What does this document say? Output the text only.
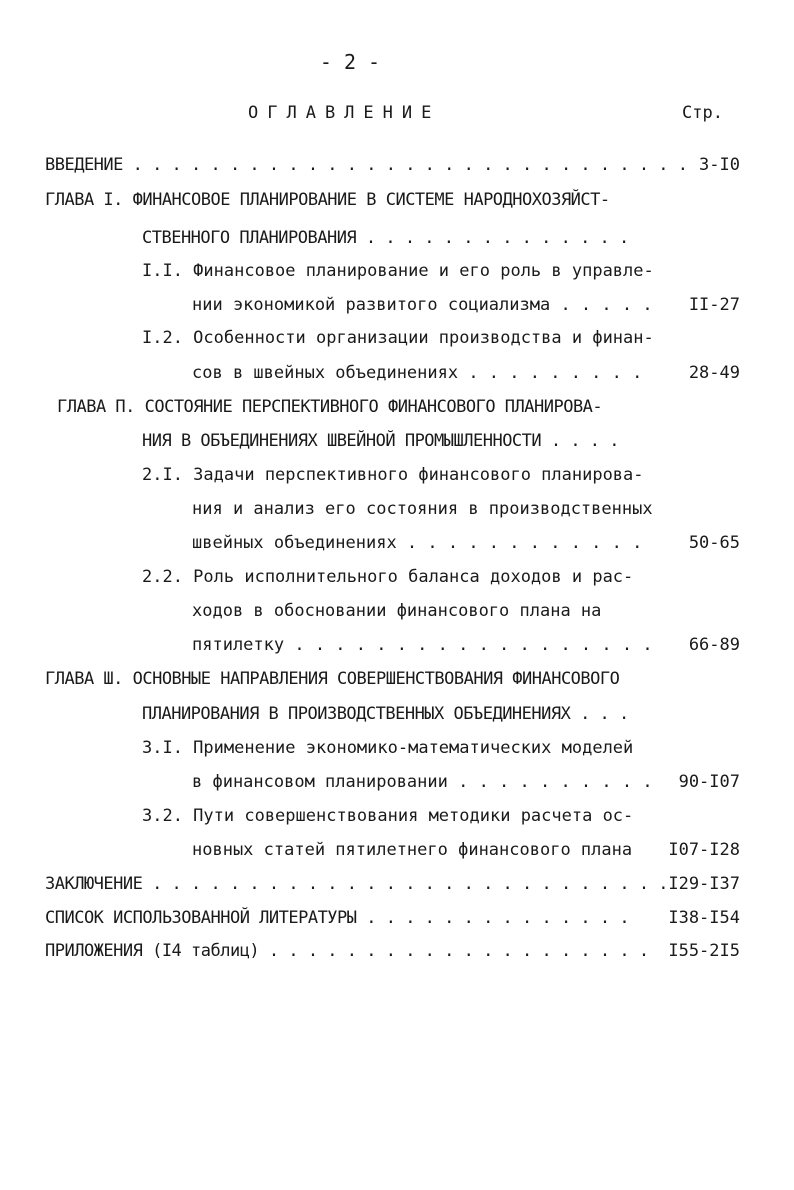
- 2 -
ОГЛАВЛЕНИЕ	Стр.
ВВЕДЕНИЕ . . . . . . . . . . . . . . . . . . . . . . . . . . . . . 3-I0
ГЛАВА I. ФИНАНСОВОЕ ПЛАНИРОВАНИЕ В СИСТЕМЕ НАРОДНОХОЗЯЙСТ-
СТВЕННОГО ПЛАНИРОВАНИЯ . . . . . . . . . . . . . .
I.I. Финансовое планирование и его роль в управле-
нии экономикой развитого социализма . . . . . II-27
I.2. Особенности организации производства и финан-
сов в швейных объединениях . . . . . . . . .	28-49
ГЛАВА П. СОСТОЯНИЕ ПЕРСПЕКТИВНОГО ФИНАНСОВОГО ПЛАНИРОВА-
НИЯ В ОБЪЕДИНЕНИЯХ ШВЕЙНОЙ ПРОМЫШЛЕННОСТИ . . . .
2.I. Задачи перспективного финансового планирова-
ния и анализ его состояния в производственных
швейных объединениях . . . . . . . . . . . .	50-65
2.2. Роль исполнительного баланса доходов и рас-
ходов в обосновании финансового плана на
пятилетку . . . . . . . . . . . . . . . . . . 66-89
ГЛАВА Ш. ОСНОВНЫЕ НАПРАВЛЕНИЯ СОВЕРШЕНСТВОВАНИЯ ФИНАНСОВОГО
ПЛАНИРОВАНИЯ В ПРОИЗВОДСТВЕННЫХ ОБЪЕДИНЕНИЯХ . . .
3.I. Применение экономико-математических моделей
в финансовом планировании . . . . . . . . . . 90-I07
3.2. Пути совершенствования методики расчета ос-
новных статей пятилетнего финансового плана I07-I28
ЗАКЛЮЧЕНИЕ . . . . . . . . . . . . . . . . . . . . . . . . . . . I29-I37
СПИСОК ИСПОЛЬЗОВАННОЙ ЛИТЕРАТУРЫ . . . . . . . . . . . . . . I38-I54
ПРИЛОЖЕНИЯ (I4 таблиц) . . . . . . . . . . . . . . . . . . . . I55-2I5
